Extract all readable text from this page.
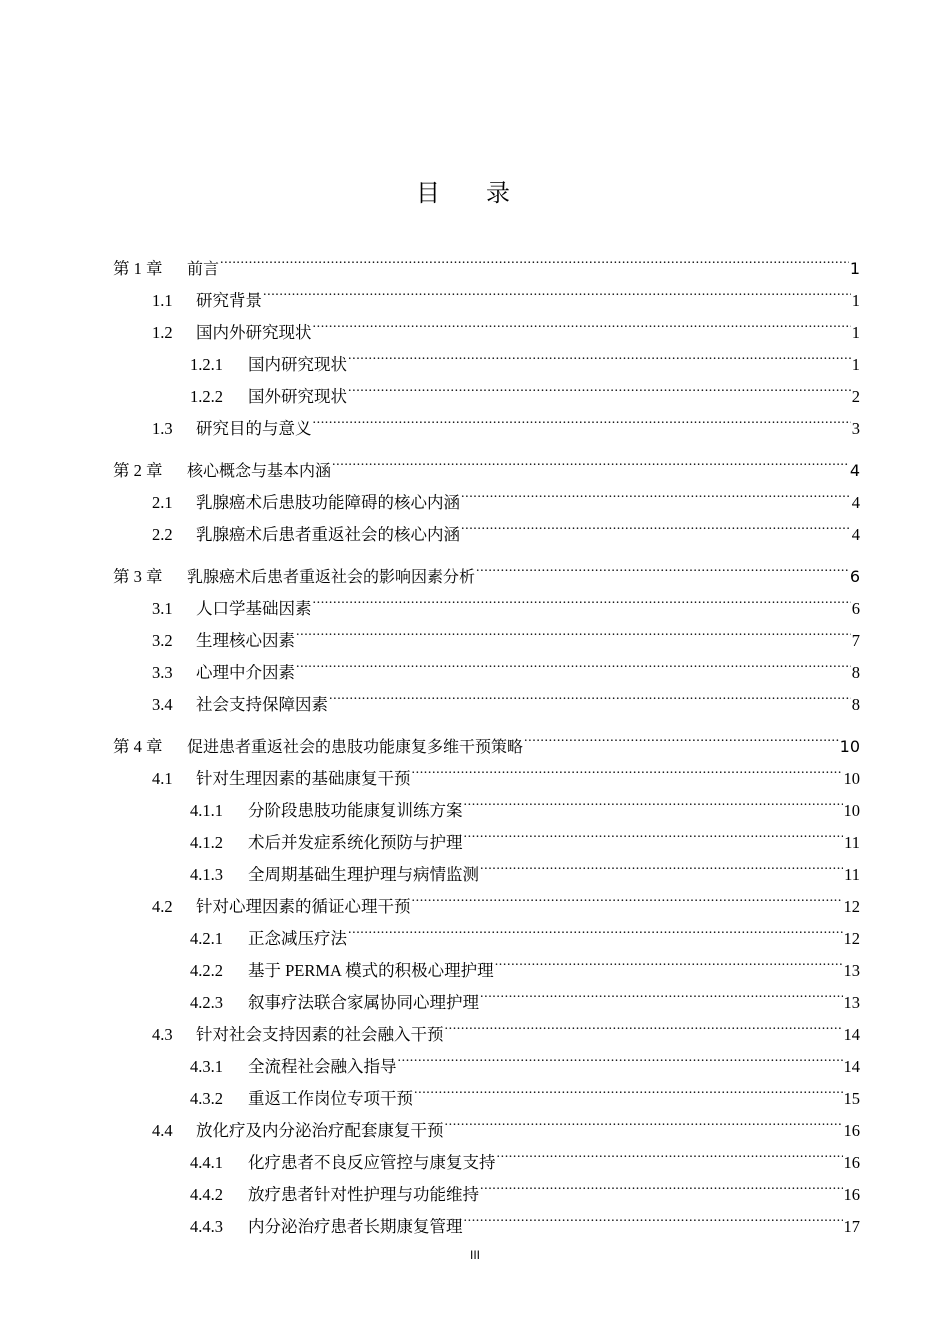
目录
第 1 章	前言 .....	1
1.1	研究背景 .....	1
1.2	国内外研究现状 .....	1
1.2.1	国内研究现状 .....	1
1.2.2	国外研究现状 .....	2
1.3	研究目的与意义 .....	3
第 2 章	核心概念与基本内涵 .....	4
2.1	乳腺癌术后患肢功能障碍的核心内涵 .....	4
2.2	乳腺癌术后患者重返社会的核心内涵 .....	4
第 3 章	乳腺癌术后患者重返社会的影响因素分析 .....	6
3.1	人口学基础因素 .....	6
3.2	生理核心因素 .....	7
3.3	心理中介因素 .....	8
3.4	社会支持保障因素 .....	8
第 4 章	促进患者重返社会的患肢功能康复多维干预策略 .....	10
4.1	针对生理因素的基础康复干预 .....	10
4.1.1	分阶段患肢功能康复训练方案 .....	10
4.1.2	术后并发症系统化预防与护理 .....	11
4.1.3	全周期基础生理护理与病情监测 .....	11
4.2	针对心理因素的循证心理干预 .....	12
4.2.1	正念减压疗法 .....	12
4.2.2	基于 PERMA 模式的积极心理护理 .....	13
4.2.3	叙事疗法联合家属协同心理护理 .....	13
4.3	针对社会支持因素的社会融入干预 .....	14
4.3.1	全流程社会融入指导 .....	14
4.3.2	重返工作岗位专项干预 .....	15
4.4	放化疗及内分泌治疗配套康复干预 .....	16
4.4.1	化疗患者不良反应管控与康复支持 .....	16
4.4.2	放疗患者针对性护理与功能维持 .....	16
4.4.3	内分泌治疗患者长期康复管理 .....	17
III
